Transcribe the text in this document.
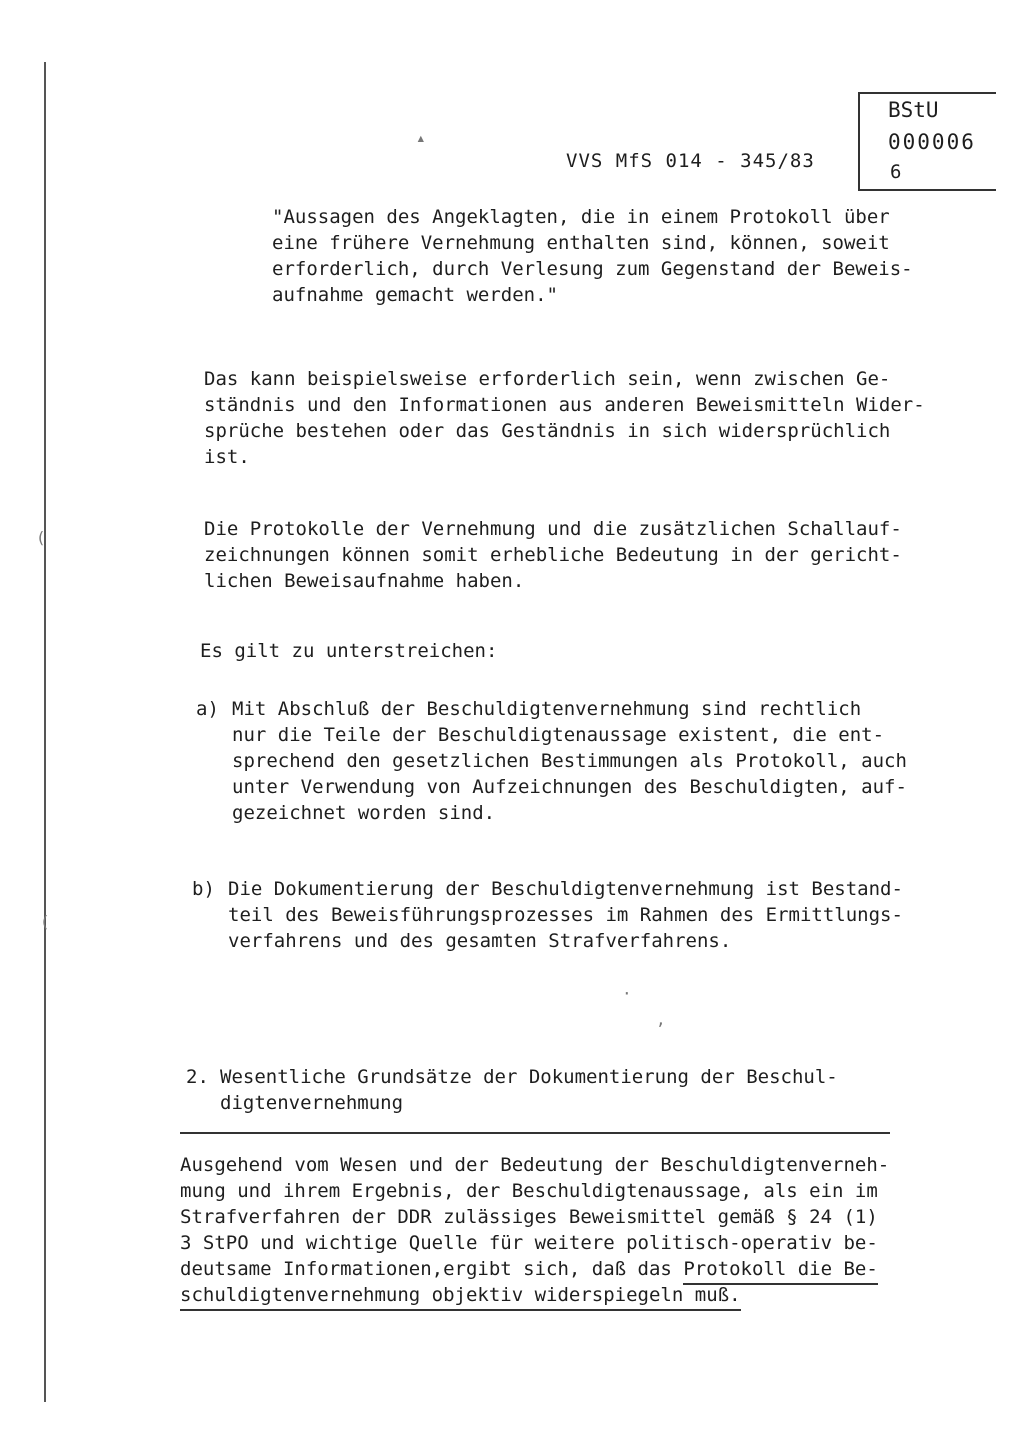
BStU
000006
6
VVS MfS 014 - 345/83
▴
(
(
"Aussagen des Angeklagten, die in einem Protokoll über
eine frühere Vernehmung enthalten sind, können, soweit
erforderlich, durch Verlesung zum Gegenstand der Beweis-
aufnahme gemacht werden."
Das kann beispielsweise erforderlich sein, wenn zwischen Ge-
ständnis und den Informationen aus anderen Beweismitteln Wider-
sprüche bestehen oder das Geständnis in sich widersprüchlich
ist.
Die Protokolle der Vernehmung und die zusätzlichen Schallauf-
zeichnungen können somit erhebliche Bedeutung in der gericht-
lichen Beweisaufnahme haben.
Es gilt zu unterstreichen:
a) Mit Abschluß der Beschuldigtenvernehmung sind rechtlich
nur die Teile der Beschuldigtenaussage existent, die ent-
sprechend den gesetzlichen Bestimmungen als Protokoll, auch
unter Verwendung von Aufzeichnungen des Beschuldigten, auf-
gezeichnet worden sind.
b) Die Dokumentierung der Beschuldigtenvernehmung ist Bestand-
teil des Beweisführungsprozesses im Rahmen des Ermittlungs-
verfahrens und des gesamten Strafverfahrens.
·
,
2. Wesentliche Grundsätze der Dokumentierung der Beschul-
digtenvernehmung
Ausgehend vom Wesen und der Bedeutung der Beschuldigtenverneh-
mung und ihrem Ergebnis, der Beschuldigtenaussage, als ein im
Strafverfahren der DDR zulässiges Beweismittel gemäß § 24 (1)
3 StPO und wichtige Quelle für weitere politisch-operativ be-
deutsame Informationen,ergibt sich, daß das Protokoll die Be-
schuldigtenvernehmung objektiv widerspiegeln muß.
